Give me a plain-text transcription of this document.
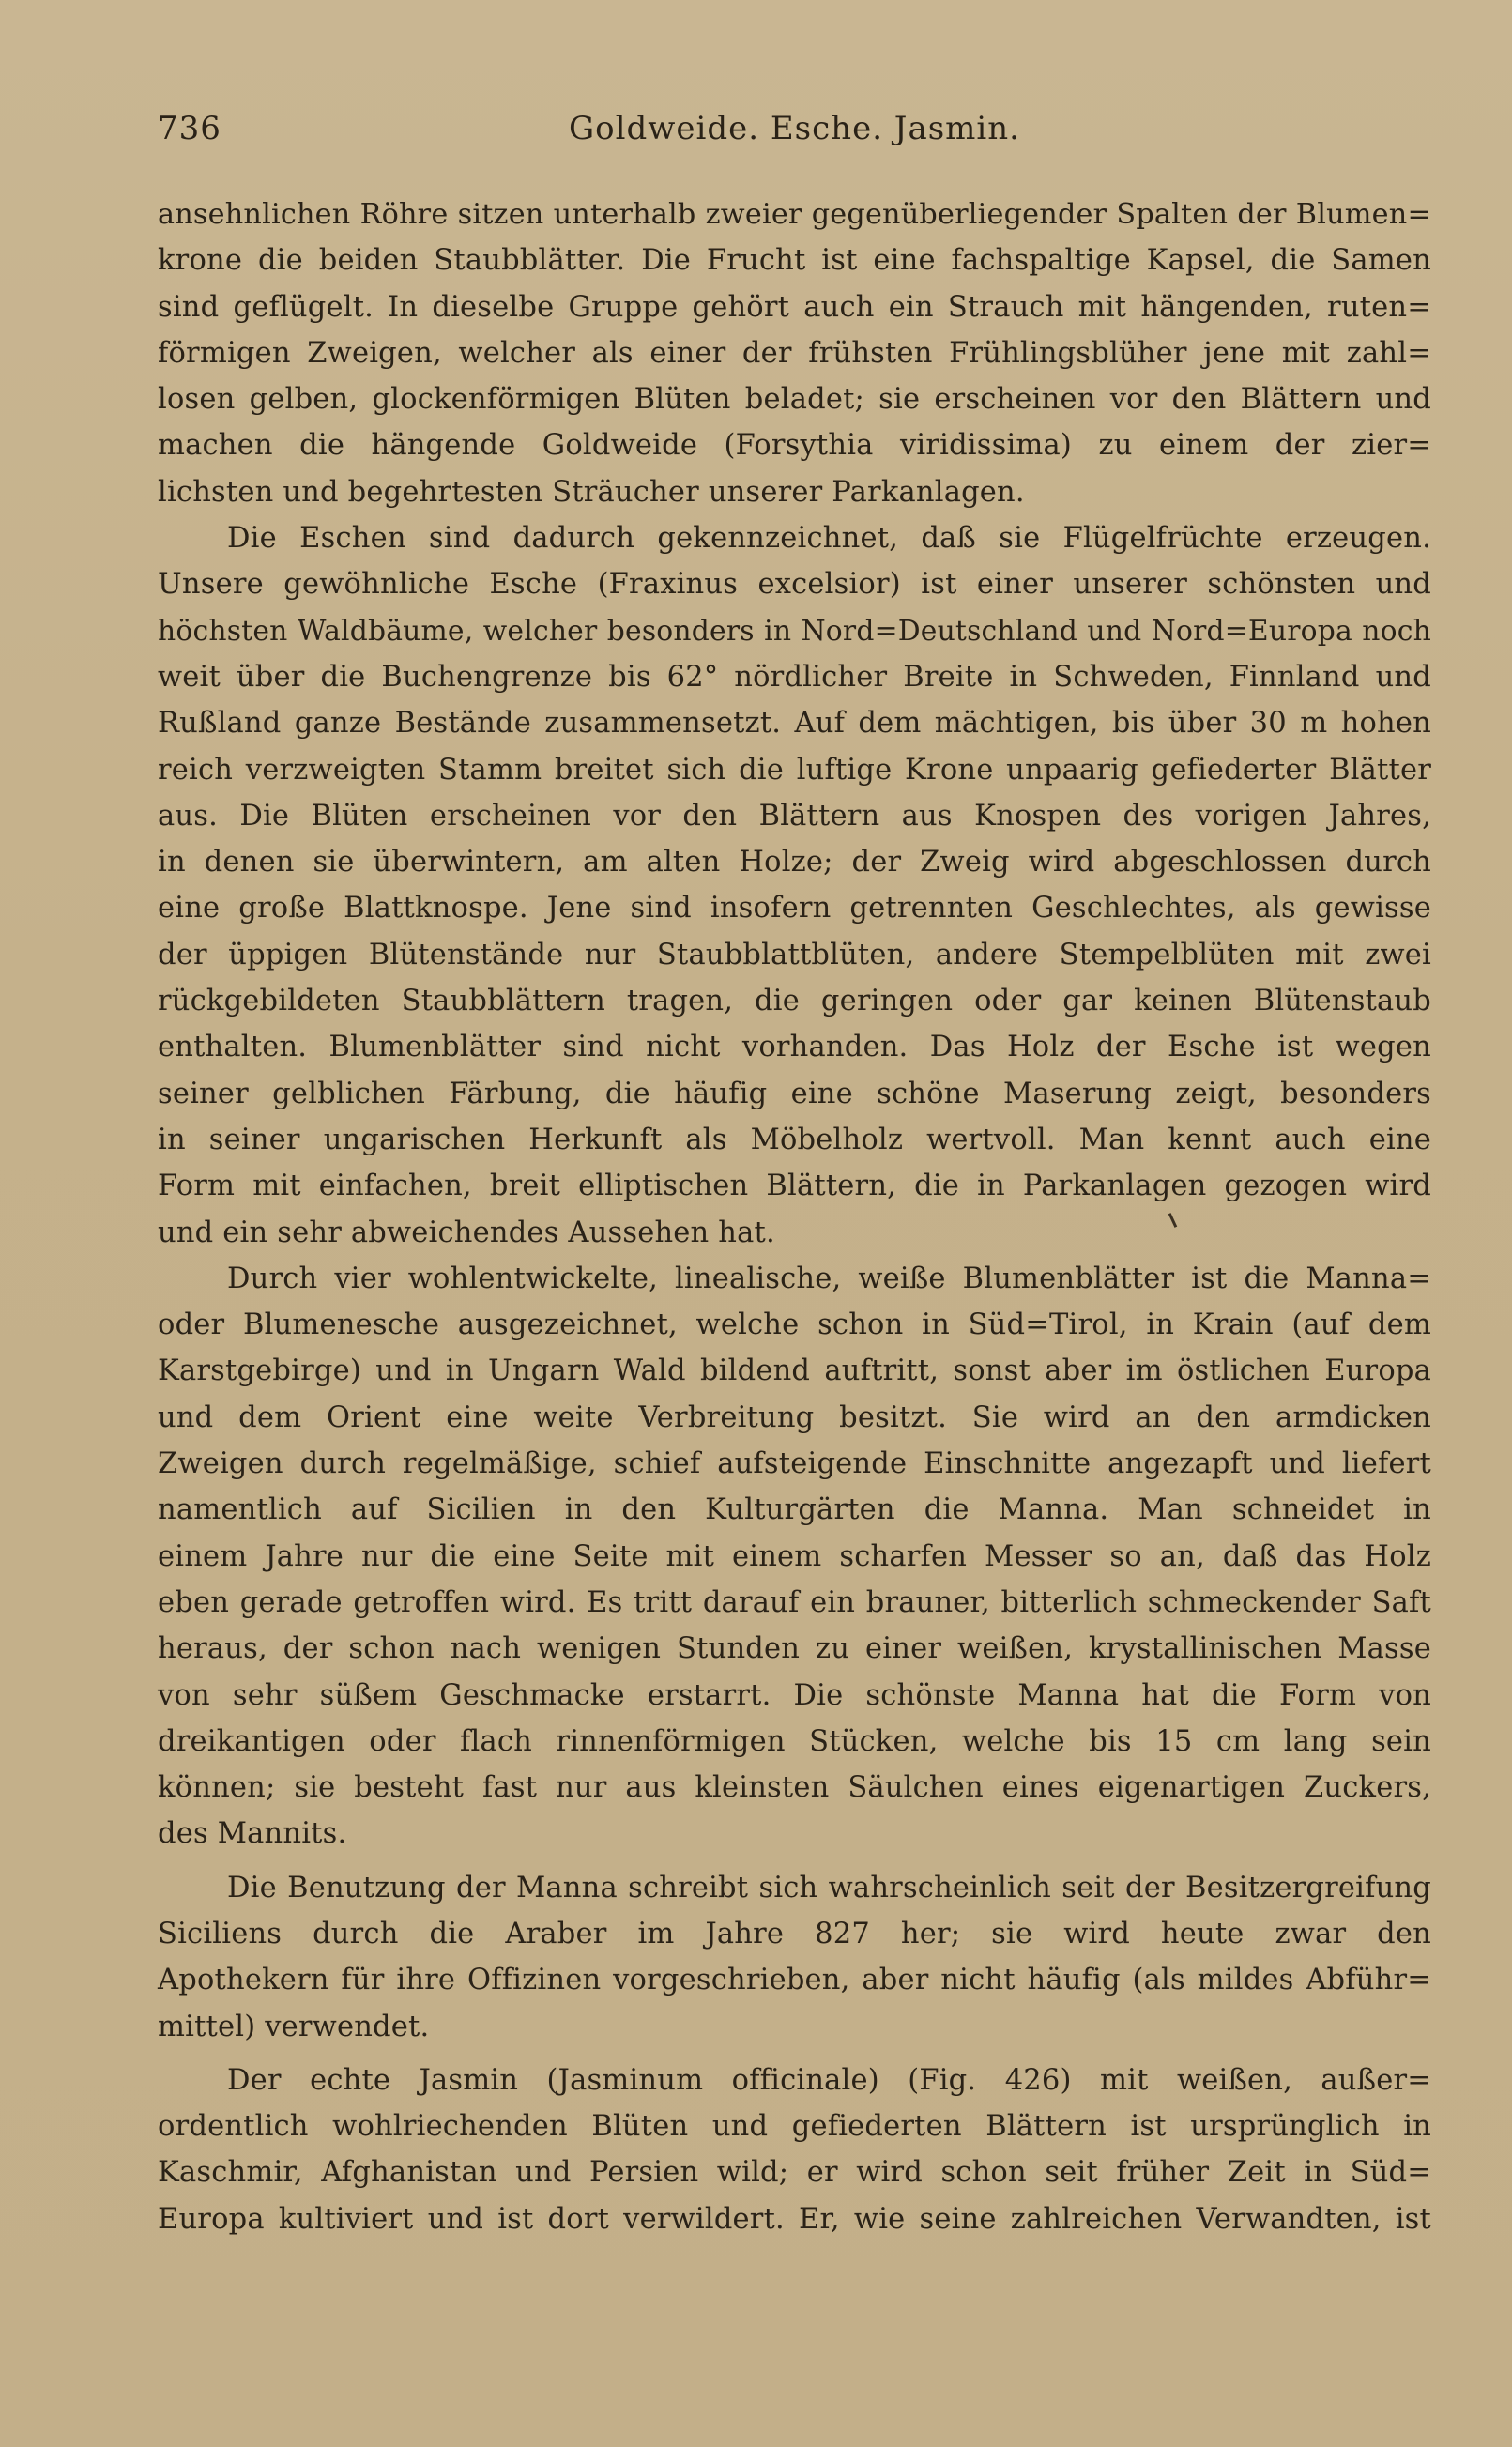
736	Goldweide. Esche. Jasmin.
ansehnlichen Röhre sitzen unterhalb zweier gegenüberliegender Spalten der Blumen=
krone die beiden Staubblätter. Die Frucht ist eine fachspaltige Kapsel, die Samen
sind geflügelt. In dieselbe Gruppe gehört auch ein Strauch mit hängenden, ruten=
förmigen Zweigen, welcher als einer der frühsten Frühlingsblüher jene mit zahl=
losen gelben, glockenförmigen Blüten beladet; sie erscheinen vor den Blättern und
machen die hängende Goldweide (Forsythia viridissima) zu einem der zier=
lichsten und begehrtesten Sträucher unserer Parkanlagen.
Die Eschen sind dadurch gekennzeichnet, daß sie Flügelfrüchte erzeugen.
Unsere gewöhnliche Esche (Fraxinus excelsior) ist einer unserer schönsten und
höchsten Waldbäume, welcher besonders in Nord=Deutschland und Nord=Europa noch
weit über die Buchengrenze bis 62° nördlicher Breite in Schweden, Finnland und
Rußland ganze Bestände zusammensetzt. Auf dem mächtigen, bis über 30 m hohen
reich verzweigten Stamm breitet sich die luftige Krone unpaarig gefiederter Blätter
aus. Die Blüten erscheinen vor den Blättern aus Knospen des vorigen Jahres,
in denen sie überwintern, am alten Holze; der Zweig wird abgeschlossen durch
eine große Blattknospe. Jene sind insofern getrennten Geschlechtes, als gewisse
der üppigen Blütenstände nur Staubblattblüten, andere Stempelblüten mit zwei
rückgebildeten Staubblättern tragen, die geringen oder gar keinen Blütenstaub
enthalten. Blumenblätter sind nicht vorhanden. Das Holz der Esche ist wegen
seiner gelblichen Färbung, die häufig eine schöne Maserung zeigt, besonders
in seiner ungarischen Herkunft als Möbelholz wertvoll. Man kennt auch eine
Form mit einfachen, breit elliptischen Blättern, die in Parkanlagen gezogen wird
und ein sehr abweichendes Aussehen hat.
Durch vier wohlentwickelte, linealische, weiße Blumenblätter ist die Manna=
oder Blumenesche ausgezeichnet, welche schon in Süd=Tirol, in Krain (auf dem
Karstgebirge) und in Ungarn Wald bildend auftritt, sonst aber im östlichen Europa
und dem Orient eine weite Verbreitung besitzt. Sie wird an den armdicken
Zweigen durch regelmäßige, schief aufsteigende Einschnitte angezapft und liefert
namentlich auf Sicilien in den Kulturgärten die Manna. Man schneidet in
einem Jahre nur die eine Seite mit einem scharfen Messer so an, daß das Holz
eben gerade getroffen wird. Es tritt darauf ein brauner, bitterlich schmeckender Saft
heraus, der schon nach wenigen Stunden zu einer weißen, krystallinischen Masse
von sehr süßem Geschmacke erstarrt. Die schönste Manna hat die Form von
dreikantigen oder flach rinnenförmigen Stücken, welche bis 15 cm lang sein
können; sie besteht fast nur aus kleinsten Säulchen eines eigenartigen Zuckers,
des Mannits.
Die Benutzung der Manna schreibt sich wahrscheinlich seit der Besitzergreifung
Siciliens durch die Araber im Jahre 827 her; sie wird heute zwar den
Apothekern für ihre Offizinen vorgeschrieben, aber nicht häufig (als mildes Abführ=
mittel) verwendet.
Der echte Jasmin (Jasminum officinale) (Fig. 426) mit weißen, außer=
ordentlich wohlriechenden Blüten und gefiederten Blättern ist ursprünglich in
Kaschmir, Afghanistan und Persien wild; er wird schon seit früher Zeit in Süd=
Europa kultiviert und ist dort verwildert. Er, wie seine zahlreichen Verwandten, ist
